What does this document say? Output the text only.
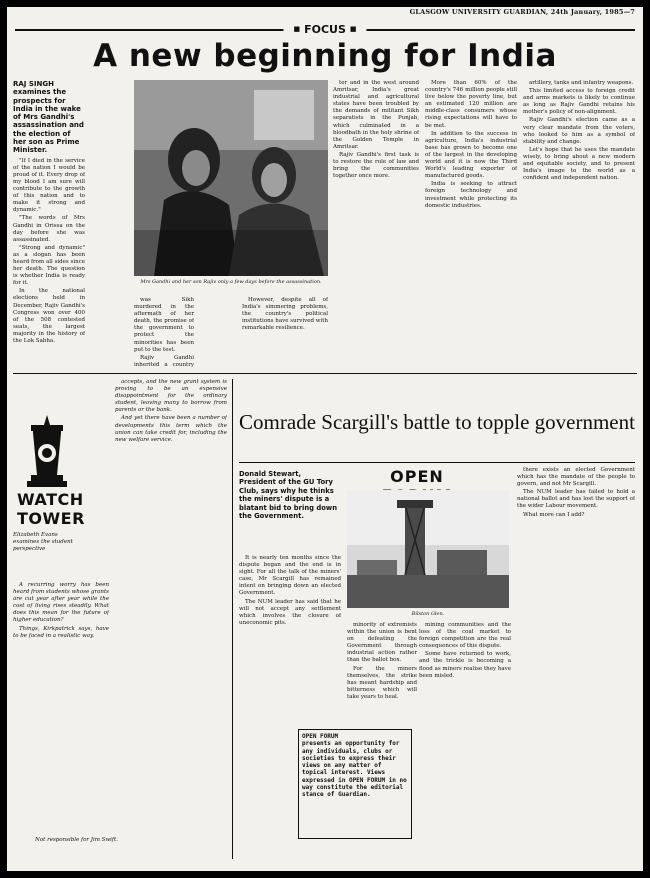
GLASGOW UNIVERSITY GUARDIAN, 24th January, 1985—7
■ FOCUS ■
A new beginning for India
RAJ SINGH examines the prospects for India in the wake of Mrs Gandhi's assassination and the election of her son as Prime Minister.

"If I died in the service of the nation I would be proud of it. Every drop of my blood I am sure will contribute to the growth of this nation and to make it strong and dynamic."

"The words of Mrs Gandhi in Orissa on the day before she was assassinated.

"Strong and dynamic" as a slogan has been heard from all sides since her death. The question is whether India is ready for it.

In the national elections held in December, Rajiv Gandhi's Congress won over 400 of the 508 contested seats, the largest majority in the history of the Lok Sabha.

Mrs Gandhi and her son Rajiv only a few days before the assassination.

was Sikh murdered in the aftermath of her death, the promise of the government to protect the minorities has been put to the test.

Rajiv Gandhi inherited a country

However, despite all of India's simmering problems, the country's political institutions have survived with remarkable resilience.

ter and in the west around Amritsar, India's great industrial and agricultural states have been troubled by the demands of militant Sikh separatists in the Punjab, which culminated in a bloodbath in the holy shrine of the Golden Temple in Amritsar.

Rajiv Gandhi's first task is to restore the rule of law and bring the communities together once more.

More than 60% of the country's 746 million people still live below the poverty line, but an estimated 120 million are middle-class consumers whose rising expectations will have to be met.

In addition to the success in agriculture, India's industrial base has grown to become one of the largest in the developing world and it is now the Third World's leading exporter of manufactured goods.

India is seeking to attract foreign technology and investment while protecting its domestic industries.

artillery, tanks and infantry weapons.

This limited access to foreign credit and arms markets is likely to continue as long as Rajiv Gandhi retains his mother's policy of non-alignment.

Rajiv Gandhi's election came as a very clear mandate from the voters, who looked to him as a symbol of stability and change.

Let's hope that he uses the mandate wisely, to bring about a new modern and equitable society, and to present India's image to the world as a confident and independent nation.

WATCH TOWER
Elizabeth Evans examines the student perspective

A recurring worry has been heard from students whose grants are cut year after year while the cost of living rises steadily. What does this mean for the future of higher education?

Things, Kirkpatrick says, have to be faced in a realistic way.

Not responsible for Jim Swift.

accepts, and the new grant system is proving to be an expensive disappointment for the ordinary student, leaving many to borrow from parents or the bank.

And yet there have been a number of developments this term which the union can take credit for, including the new welfare service.

Comrade Scargill's battle to topple government
Donald Stewart, President of the GU Tory Club, says why he thinks the miners' dispute is a blatant bid to bring down the Government.

It is nearly ten months since the dispute began and the end is in sight. For all the talk of the miners' case, Mr Scargill has remained intent on bringing down an elected Government.

The NUM leader has said that he will not accept any settlement which involves the closure of uneconomic pits.

OPEN
Bilston Glen.

minority of extremists within the union is bent on defeating the Government through industrial action rather than the ballot box.

For the miners themselves, the strike has meant hardship and bitterness which will take years to heal.

mining communities and the loss of the coal market to foreign competition are the real consequences of this dispute.

Some have returned to work, and the trickle is becoming a flood as miners realise they have been misled.

OPEN FORUM
presents an opportunity for any individuals, clubs or societies to express their views on any matter of topical interest. Views expressed in OPEN FORUM in no way constitute the editorial stance of Guardian.

there exists an elected Government which has the mandate of the people to govern, and not Mr Scargill.

The NUM leader has failed to hold a national ballot and has lost the support of the wider Labour movement.

What more can I add?
